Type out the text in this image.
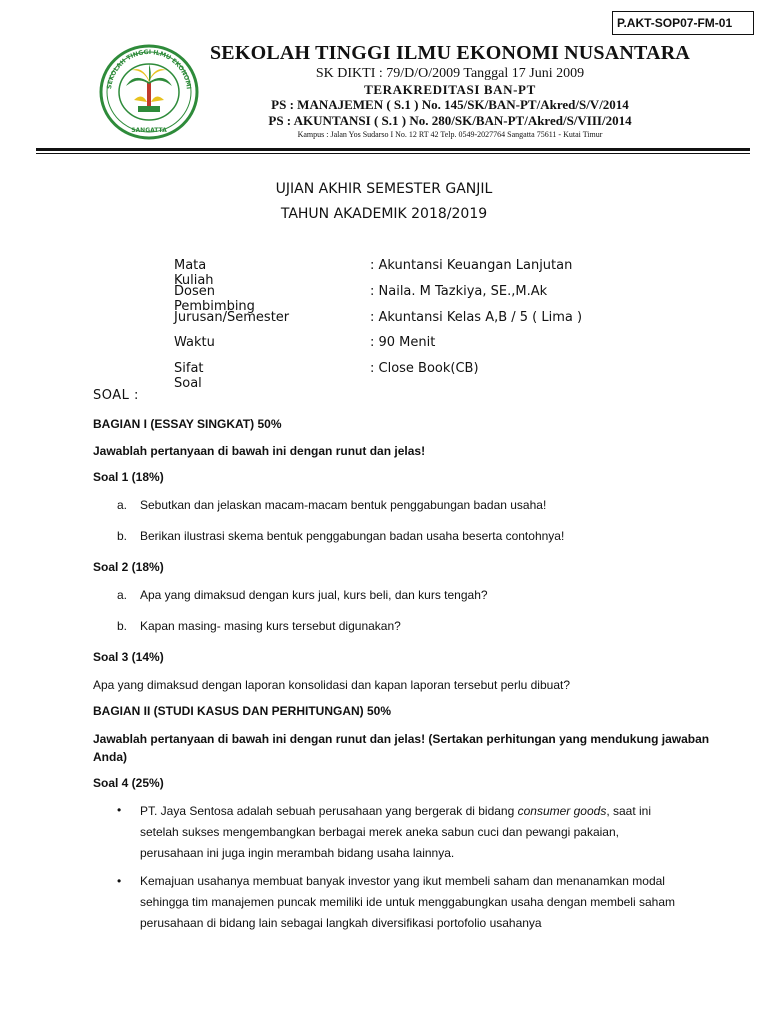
P.AKT-SOP07-FM-01
SEKOLAH TINGGI ILMU EKONOMI
SANGATTA
SEKOLAH TINGGI ILMU EKONOMI NUSANTARA
SK DIKTI : 79/D/O/2009 Tanggal 17 Juni 2009
TERAKREDITASI BAN-PT
PS : MANAJEMEN ( S.1 ) No. 145/SK/BAN-PT/Akred/S/V/2014
PS : AKUNTANSI ( S.1 ) No. 280/SK/BAN-PT/Akred/S/VIII/2014
Kampus : Jalan Yos Sudarso I No. 12 RT 42 Telp. 0549-2027764 Sangatta 75611 - Kutai Timur
UJIAN AKHIR SEMESTER GANJIL
TAHUN AKADEMIK 2018/2019
Mata Kuliah
: Akuntansi Keuangan Lanjutan
Dosen Pembimbing
: Naila. M Tazkiya, SE.,M.Ak
Jurusan/Semester	: Akuntansi Kelas A,B / 5 ( Lima )
Waktu	: 90 Menit
Sifat Soal
: Close Book(CB)
SOAL :
BAGIAN I (ESSAY SINGKAT) 50%
Jawablah pertanyaan di bawah ini dengan runut dan jelas!
Soal 1 (18%)
a. Sebutkan dan jelaskan macam-macam bentuk penggabungan badan usaha!
b. Berikan ilustrasi skema bentuk penggabungan badan usaha beserta contohnya!
Soal 2 (18%)
a. Apa yang dimaksud dengan kurs jual, kurs beli, dan kurs tengah?
b. Kapan masing- masing kurs tersebut digunakan?
Soal 3 (14%)
Apa yang dimaksud dengan laporan konsolidasi dan kapan laporan tersebut perlu dibuat?
BAGIAN II (STUDI KASUS DAN PERHITUNGAN) 50%
Jawablah pertanyaan di bawah ini dengan runut dan jelas! (Sertakan perhitungan yang mendukung jawaban Anda)
Soal 4 (25%)
• PT. Jaya Sentosa adalah sebuah perusahaan yang bergerak di bidang consumer goods, saat ini setelah sukses mengembangkan berbagai merek aneka sabun cuci dan pewangi pakaian, perusahaan ini juga ingin merambah bidang usaha lainnya.
• Kemajuan usahanya membuat banyak investor yang ikut membeli saham dan menanamkan modal sehingga tim manajemen puncak memiliki ide untuk menggabungkan usaha dengan membeli saham perusahaan di bidang lain sebagai langkah diversifikasi portofolio usahanya
